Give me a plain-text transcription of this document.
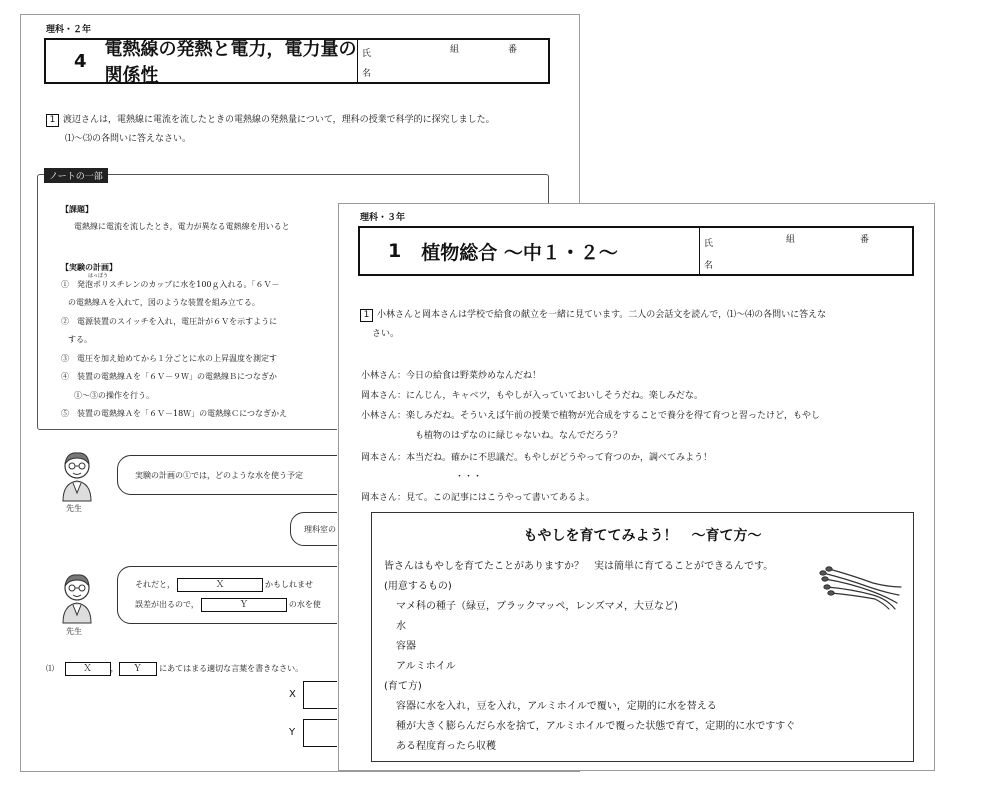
理科・２年
4
電熱線の発熱と電力，電力量の関係性
氏
名
組	番
1 渡辺さんは，電熱線に電流を流したときの電熱線の発熱量について，理科の授業で科学的に探究しました。
⑴〜⑶の各問いに答えなさい。
ノートの一部
【課題】
電熱線に電流を流したとき，電力が異なる電熱線を用いると
【実験の計画】
はっぽう
①　発泡ポリスチレンのカップに水を100ｇ入れる。「６Ｖ－
の電熱線Ａを入れて，図のような装置を組み立てる。
②　電源装置のスイッチを入れ，電圧計が６Ｖを示すように
する。
③　電圧を加え始めてから１分ごとに水の上昇温度を測定す
④　装置の電熱線Ａを「６Ｖ－９Ｗ」の電熱線Ｂにつなぎか
①〜③の操作を行う。
⑤　装置の電熱線Ａを「６Ｖ－18Ｗ」の電熱線Ｃにつなぎかえ
先生
実験の計画の①では，どのような水を使う予定
理科室の
先生
それだと，	Ｘ	かもしれませ
誤差が出るので，	Ｙ	の水を使
⑴	Ｘ ， Ｙ にあてはまる適切な言葉を書きなさい。
X
Y
理科・３年
1 植物総合 ～中１・２～	氏
名
組	番
1 小林さんと岡本さんは学校で給食の献立を一緒に見ています。二人の会話文を読んで，⑴〜⑷の各問いに答えな
さい。
小林さん：今日の給食は野菜炒めなんだね！
岡本さん：にんじん，キャベツ，もやしが入っていておいしそうだね。楽しみだな。
小林さん：楽しみだね。そういえば午前の授業で植物が光合成をすることで養分を得て育つと習ったけど，もやし
も植物のはずなのに緑じゃないね。なんでだろう？
岡本さん：本当だね。確かに不思議だ。もやしがどうやって育つのか，調べてみよう！
・・・
岡本さん：見て。この記事にはこうやって書いてあるよ。
もやしを育ててみよう！　～育て方～
皆さんはもやしを育てたことがありますか？　実は簡単に育てることができるんです。
(用意するもの)
マメ科の種子（緑豆，ブラックマッペ，レンズマメ，大豆など)
水
容器
アルミホイル
(育て方)
容器に水を入れ，豆を入れ，アルミホイルで覆い，定期的に水を替える
種が大きく膨らんだら水を捨て，アルミホイルで覆った状態で育て，定期的に水ですすぐ
ある程度育ったら収穫
